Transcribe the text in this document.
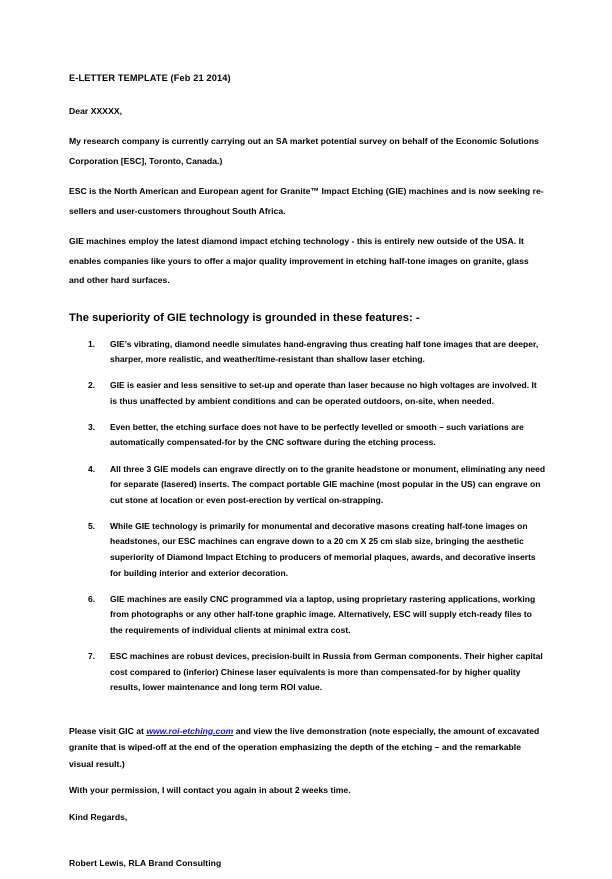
E-LETTER TEMPLATE (Feb 21 2014)
Dear XXXXX,

My research company is currently carrying out an SA market potential survey on behalf of the Economic Solutions Corporation [ESC], Toronto, Canada.)

ESC is the North American and European agent for Granite™ Impact Etching (GIE) machines and is now seeking re-sellers and user-customers throughout South Africa.

GIE machines employ the latest diamond impact etching technology - this is entirely new outside of the USA. It enables companies like yours to offer a major quality improvement in etching half-tone images on granite, glass and other hard surfaces.

The superiority of GIE technology is grounded in these features: -
GIE’s vibrating, diamond needle simulates hand-engraving thus creating half tone images that are deeper, sharper, more realistic, and weather/time-resistant than shallow laser etching.
GIE is easier and less sensitive to set-up and operate than laser because no high voltages are involved. It is thus unaffected by ambient conditions and can be operated outdoors, on-site, when needed.
Even better, the etching surface does not have to be perfectly levelled or smooth – such variations are automatically compensated-for by the CNC software during the etching process.
All three 3 GIE models can engrave directly on to the granite headstone or monument, eliminating any need for separate (lasered) inserts. The compact portable GIE machine (most popular in the US) can engrave on cut stone at location or even post-erection by vertical on-strapping.
While GIE technology is primarily for monumental and decorative masons creating half-tone images on headstones, our ESC machines can engrave down to a 20 cm X 25 cm slab size, bringing the aesthetic superiority of Diamond Impact Etching to producers of memorial plaques, awards, and decorative inserts for building interior and exterior decoration.
GIE machines are easily CNC programmed via a laptop, using proprietary rastering applications, working from photographs or any other half-tone graphic image. Alternatively, ESC will supply etch-ready files to the requirements of individual clients at minimal extra cost.
ESC machines are robust devices, precision-built in Russia from German components. Their higher capital cost compared to (inferior) Chinese laser equivalents is more than compensated-for by higher quality results, lower maintenance and long term ROI value.

Please visit GIC at www.roi-etching.com and view the live demonstration (note especially, the amount of excavated granite that is wiped-off at the end of the operation emphasizing the depth of the etching – and the remarkable visual result.)

With your permission, I will contact you again in about 2 weeks time.

Kind Regards,

Robert Lewis, RLA Brand Consulting
